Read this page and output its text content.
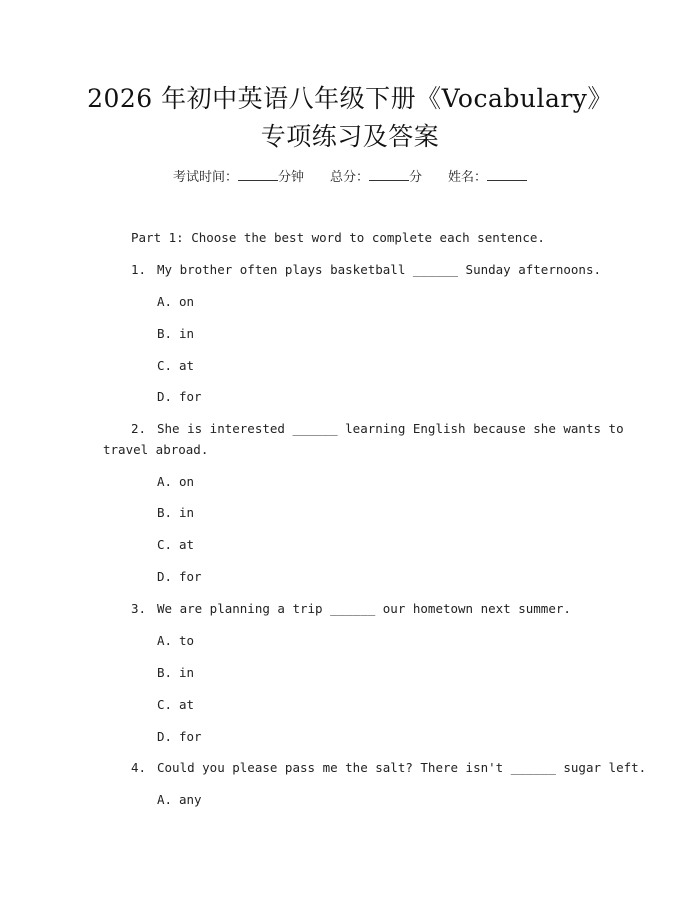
2026 年初中英语八年级下册《Vocabulary》
专项练习及答案
考试时间：	分钟 总分：	分 姓名：
Part 1: Choose the best word to complete each sentence.
1. My brother often plays basketball ______ Sunday afternoons.
A. on
B. in
C. at
D. for
2. She is interested ______ learning English because she wants to
travel abroad.
A. on
B. in
C. at
D. for
3. We are planning a trip ______ our hometown next summer.
A. to
B. in
C. at
D. for
4. Could you please pass me the salt? There isn't ______ sugar left.
A. any
